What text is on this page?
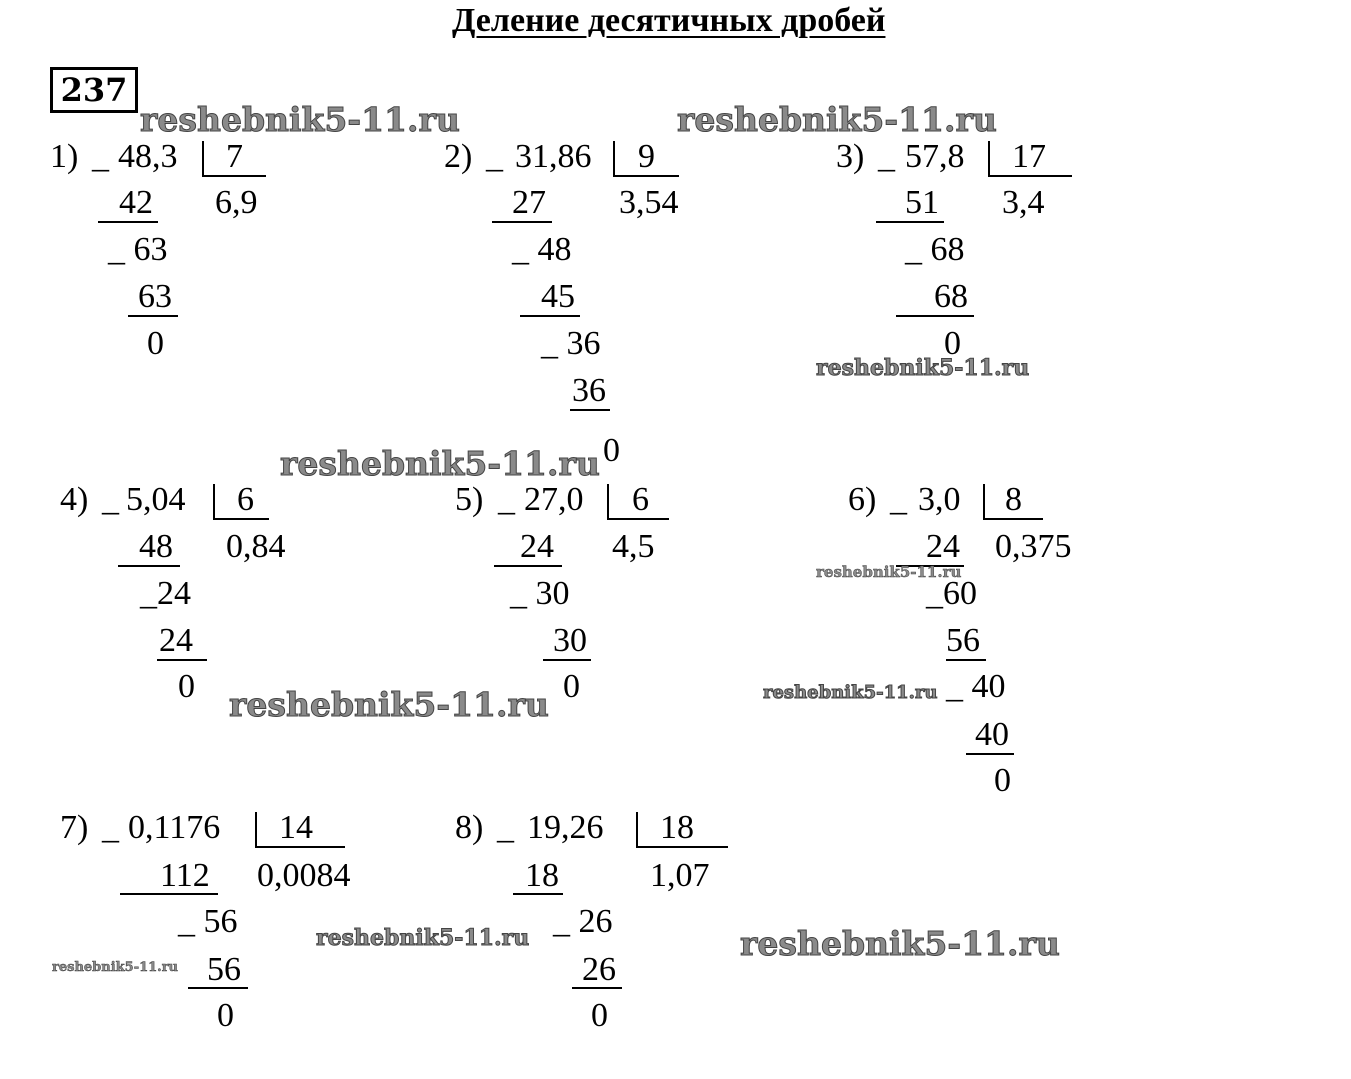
Деление десятичных дробей
237
1) _ 48,3 7
6,9
42
_ 63
63
0
2) _ 31,86 9
3,54
27
_ 48
45
_ 36
36
0
3) _ 57,8 17
3,4
51
_ 68
68
0
4) _ 5,04 6
0,84
48
_24
24
0
5) _ 27,0 6
4,5
24
_ 30
30
0
6) _ 3,0 8
0,375
24
_60
56
_ 40
40
0
7) _ 0,1176 14
0,0084
112
_ 56
56
0
8) _ 19,26 18
1,07
18
_ 26
26
0
reshebnik5-11.ru	reshebnik5-11.ru
reshebnik5-11.ru
reshebnik5-11.ru
reshebnik5-11.ru
reshebnik5-11.ru
reshebnik5-11.ru
reshebnik5-11.ru	reshebnik5-11.ru
reshebnik5-11.ru
